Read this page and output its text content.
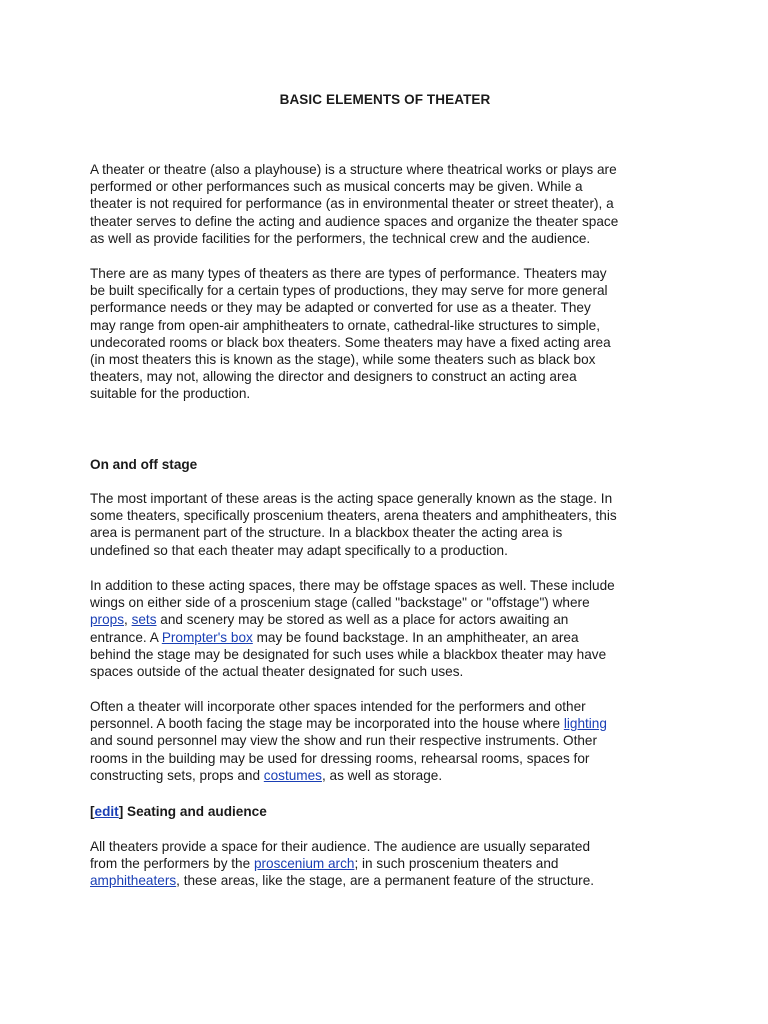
BASIC ELEMENTS OF THEATER

A theater or theatre (also a playhouse) is a structure where theatrical works or plays are
performed or other performances such as musical concerts may be given. While a
theater is not required for performance (as in environmental theater or street theater), a
theater serves to define the acting and audience spaces and organize the theater space
as well as provide facilities for the performers, the technical crew and the audience.

There are as many types of theaters as there are types of performance. Theaters may
be built specifically for a certain types of productions, they may serve for more general
performance needs or they may be adapted or converted for use as a theater. They
may range from open-air amphitheaters to ornate, cathedral-like structures to simple,
undecorated rooms or black box theaters. Some theaters may have a fixed acting area
(in most theaters this is known as the stage), while some theaters such as black box
theaters, may not, allowing the director and designers to construct an acting area
suitable for the production.

On and off stage

The most important of these areas is the acting space generally known as the stage. In
some theaters, specifically proscenium theaters, arena theaters and amphitheaters, this
area is permanent part of the structure. In a blackbox theater the acting area is
undefined so that each theater may adapt specifically to a production.

In addition to these acting spaces, there may be offstage spaces as well. These include
wings on either side of a proscenium stage (called "backstage" or "offstage") where
props, sets and scenery may be stored as well as a place for actors awaiting an
entrance. A Prompter's box may be found backstage. In an amphitheater, an area
behind the stage may be designated for such uses while a blackbox theater may have
spaces outside of the actual theater designated for such uses.

Often a theater will incorporate other spaces intended for the performers and other
personnel. A booth facing the stage may be incorporated into the house where lighting
and sound personnel may view the show and run their respective instruments. Other
rooms in the building may be used for dressing rooms, rehearsal rooms, spaces for
constructing sets, props and costumes, as well as storage.

[edit] Seating and audience

All theaters provide a space for their audience. The audience are usually separated
from the performers by the proscenium arch; in such proscenium theaters and
amphitheaters, these areas, like the stage, are a permanent feature of the structure.
